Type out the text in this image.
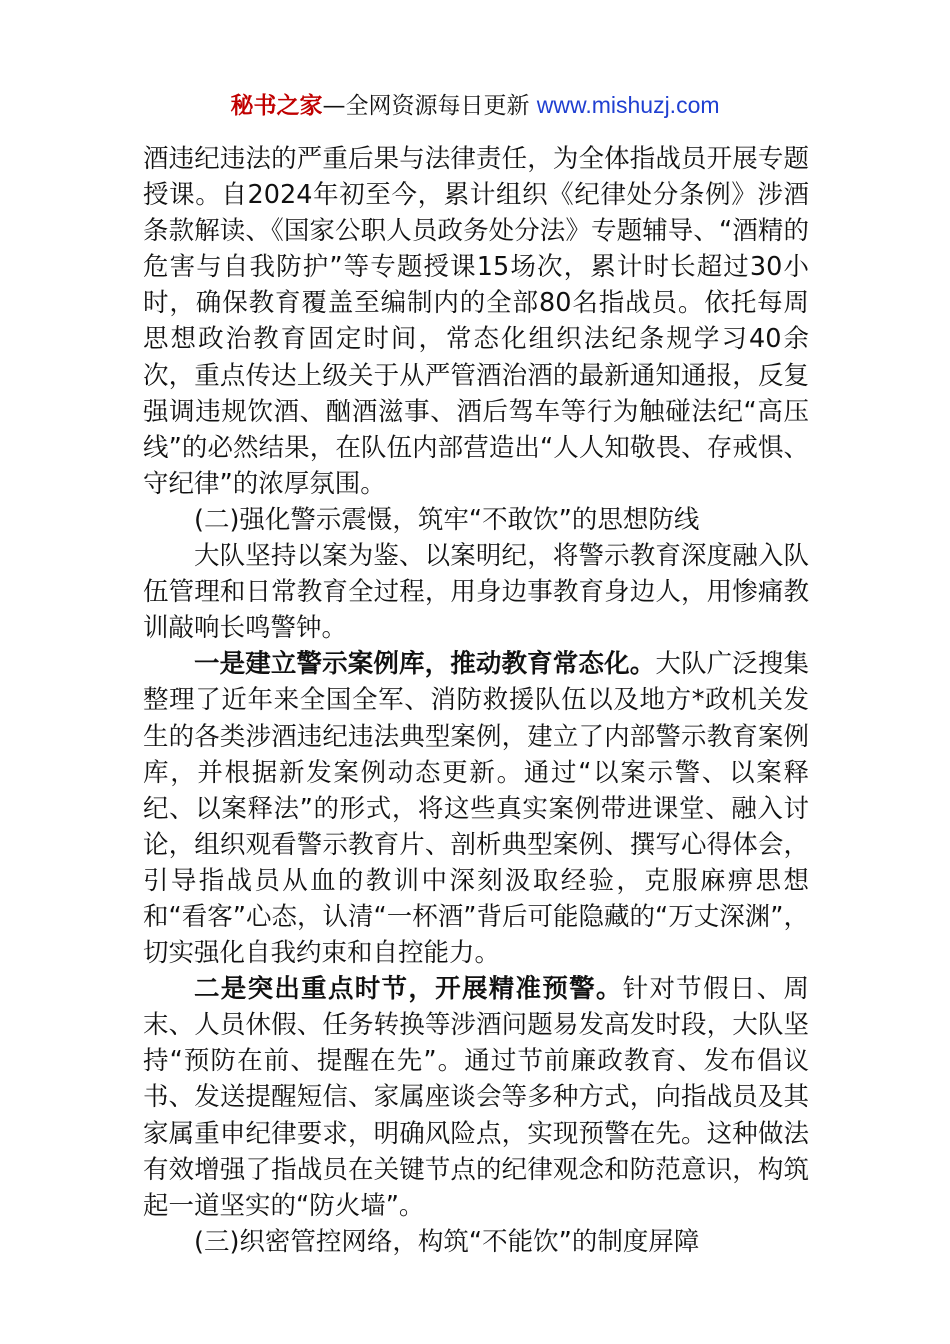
秘书之家—全网资源每日更新 www.mishuzj.com

酒违纪违法的严重后果与法律责任，为全体指战员开展专题授课。自2024年初至今，累计组织《纪律处分条例》涉酒条款解读、《国家公职人员政务处分法》专题辅导、“酒精的危害与自我防护”等专题授课15场次，累计时长超过30小时，确保教育覆盖至编制内的全部80名指战员。依托每周思想政治教育固定时间，常态化组织法纪条规学习40余次，重点传达上级关于从严管酒治酒的最新通知通报，反复强调违规饮酒、酗酒滋事、酒后驾车等行为触碰法纪“高压线”的必然结果，在队伍内部营造出“人人知敬畏、存戒惧、守纪律”的浓厚氛围。

(二)强化警示震慑，筑牢“不敢饮”的思想防线

大队坚持以案为鉴、以案明纪，将警示教育深度融入队伍管理和日常教育全过程，用身边事教育身边人，用惨痛教训敲响长鸣警钟。

一是建立警示案例库，推动教育常态化。大队广泛搜集整理了近年来全国全军、消防救援队伍以及地方*政机关发生的各类涉酒违纪违法典型案例，建立了内部警示教育案例库，并根据新发案例动态更新。通过“以案示警、以案释纪、以案释法”的形式，将这些真实案例带进课堂、融入讨论，组织观看警示教育片、剖析典型案例、撰写心得体会，引导指战员从血的教训中深刻汲取经验，克服麻痹思想和“看客”心态，认清“一杯酒”背后可能隐藏的“万丈深渊”，切实强化自我约束和自控能力。

二是突出重点时节，开展精准预警。针对节假日、周末、人员休假、任务转换等涉酒问题易发高发时段，大队坚持“预防在前、提醒在先”。通过节前廉政教育、发布倡议书、发送提醒短信、家属座谈会等多种方式，向指战员及其家属重申纪律要求，明确风险点，实现预警在先。这种做法有效增强了指战员在关键节点的纪律观念和防范意识，构筑起一道坚实的“防火墙”。

(三)织密管控网络，构筑“不能饮”的制度屏障
